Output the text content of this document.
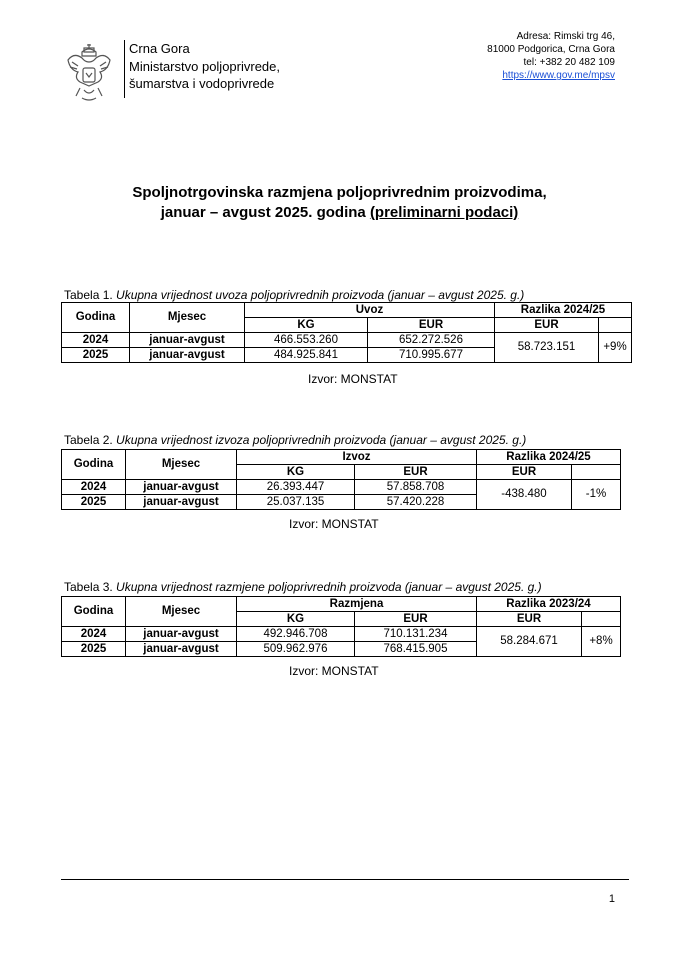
Crna Gora
Ministarstvo poljoprivrede,
šumarstva i vodoprivrede
Adresa: Rimski trg 46,
81000 Podgorica, Crna Gora
tel: +382 20 482 109
https://www.gov.me/mpsv
Spoljnotrgovinska razmjena poljoprivrednim proizvodima,
januar – avgust 2025. godina (preliminarni podaci)
Tabela 1. Ukupna vrijednost uvoza poljoprivrednih proizvoda (januar – avgust 2025. g.)
Godina	Mjesec	Uvoz		Razlika 2024/25	
		KG	EUR	EUR	
2024	januar-avgust	466.553.260	652.272.526	58.723.151	+9%
2025	januar-avgust	484.925.841	710.995.677		
Izvor: MONSTAT
Tabela 2. Ukupna vrijednost izvoza poljoprivrednih proizvoda (januar – avgust 2025. g.)
Godina	Mjesec	Izvoz		Razlika 2024/25	
		KG	EUR	EUR	
2024	januar-avgust	26.393.447	57.858.708	-438.480	-1%
2025	januar-avgust	25.037.135	57.420.228		
Izvor: MONSTAT
Tabela 3. Ukupna vrijednost razmjene poljoprivrednih proizvoda (januar – avgust 2025. g.)
Godina	Mjesec	Razmjena		Razlika 2023/24	
		KG	EUR	EUR	
2024	januar-avgust	492.946.708	710.131.234	58.284.671	+8%
2025	januar-avgust	509.962.976	768.415.905		
Izvor: MONSTAT
1
